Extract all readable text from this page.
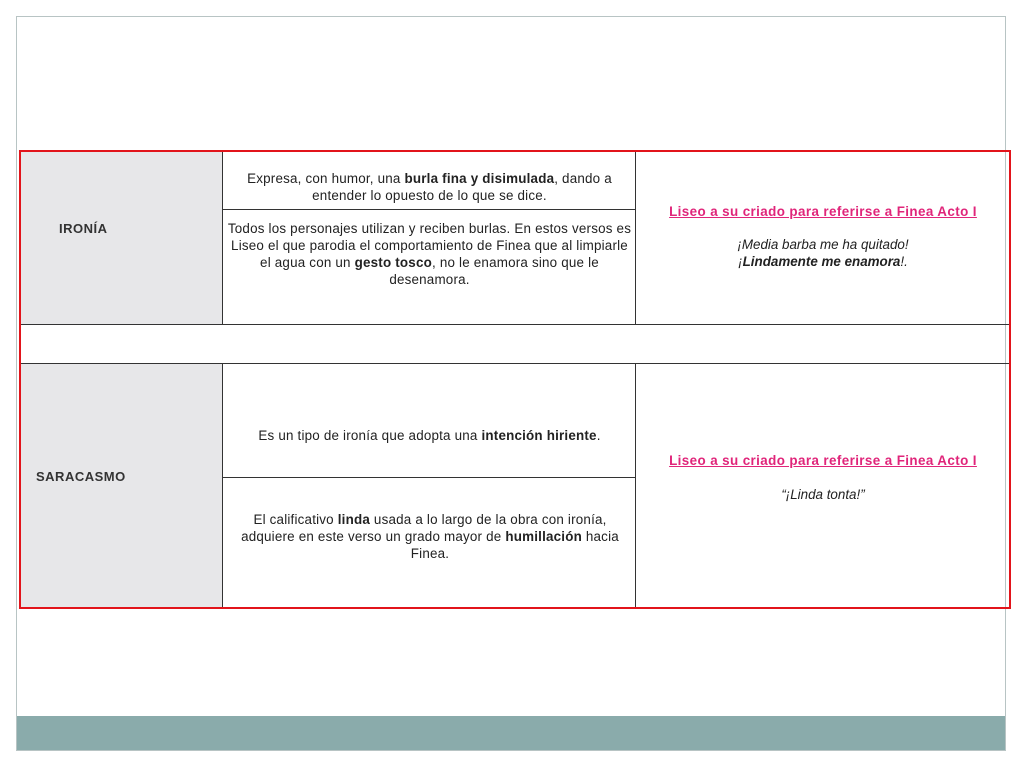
IRONÍA
Expresa, con humor, una burla fina y disimulada, dando a entender lo opuesto de lo que se dice.
Todos los personajes utilizan y reciben burlas. En estos versos es Liseo el que parodia el comportamiento de Finea que al limpiarle el agua con un gesto tosco, no le enamora sino que le desenamora.
Liseo a su criado para referirse a Finea Acto I
¡Media barba me ha quitado!
¡Lindamente me enamora!.
SARACASMO
Es un tipo de ironía que adopta una intención hiriente.
El calificativo linda usada a lo largo de la obra con ironía, adquiere en este verso un grado mayor de humillación hacia Finea.
Liseo a su criado para referirse a Finea Acto I
“¡Linda tonta!”
